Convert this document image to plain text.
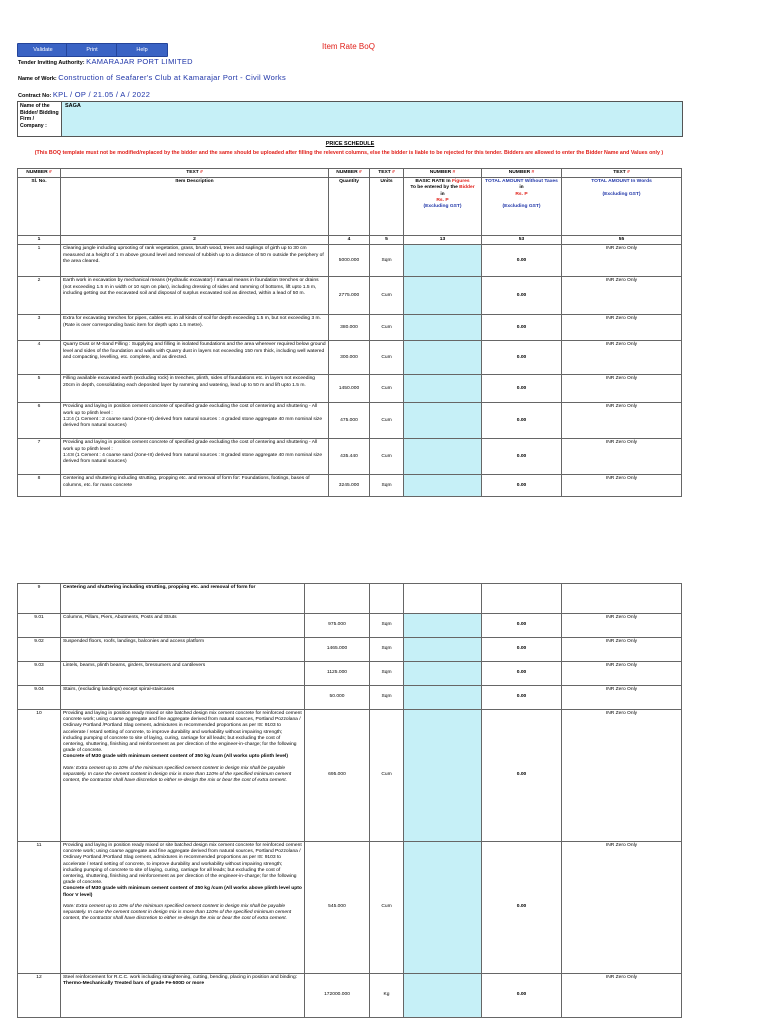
Validate	Print	Help	Item Rate BoQ
Tender Inviting Authority: KAMARAJAR PORT LIMITED
Name of Work: Construction of Seafarer's Club at Kamarajar Port - Civil Works
Contract No: KPL / OP / 21.05 / A / 2022
Name of the Bidder/ Bidding Firm / Company :
SAGA
PRICE SCHEDULE
(This BOQ template must not be modified/replaced by the bidder and the same should be uploaded after filling the relevent columns, else the bidder is liable to be rejected for this tender. Bidders are allowed to enter the Bidder Name and Values only )
NUMBER #	TEXT #	NUMBER #	TEXT #	NUMBER #	NUMBER #	TEXT #
Sl. No.	Item Description	Quantity	Units	BASIC RATE In Figures
To be entered by the Bidder
in
Rs. P
(Excluding GST)	TOTAL AMOUNT Without Taxes
in
Rs. P

(Excluding GST)	TOTAL AMOUNT In Words

(Excluding GST)
1	2	4	5	13	53	55
1	Clearing jungle including uprooting of rank vegetation, grass, brush wood, trees and saplings of girth up to 30 cm measured at a height of 1 m above ground level and removal of rubbish up to a distance of 50 m outside the periphery of the area cleared.	5000.000	Sqm		0.00	INR Zero Only
2	Earth work in excavation by mechanical means (Hydraulic excavator) / manual means in foundation trenches or drains (not exceeding 1.5 m in width or 10 sqm on plan), including dressing of sides and ramming of bottoms, lift upto 1.5 m, including getting out the excavated soil and disposal of surplus excavated soil as directed, within a lead of 50 m.	2775.000	Cum		0.00	INR Zero Only
3	Extra for excavating trenches for pipes, cables etc. in all kinds of soil for depth exceeding 1.5 m, but not exceeding 3 m. (Rate is over corresponding basic item for depth upto 1.5 metre).	380.000	Cum		0.00	INR Zero Only
4	Quarry Dust or M-Sand Filling : Supplying and filling in isolated foundations and the area wherever required below ground level and sides of the foundation and walls with Quarry dust in layers not exceeding 150 mm thick, including well watered and compacting, levelling, etc. complete, and as directed.	300.000	Cum		0.00	INR Zero Only
5	Filling available excavated earth (excluding rock) in trenches, plinth, sides of foundations etc. in layers not exceeding 20cm in depth, consolidating each deposited layer by ramming and watering, lead up to 50 m and lift upto 1.5 m.	1450.000	Cum		0.00	INR Zero Only
6	Providing and laying in position cement concrete of specified grade excluding the cost of centering and shuttering - All work up to plinth level :
1:2:4 (1 Cement : 2 coarse sand (zone-III) derived from natural sources : 4 graded stone aggregate 40 mm nominal size derived from natural sources)	475.000	Cum		0.00	INR Zero Only
7	Providing and laying in position cement concrete of specified grade excluding the cost of centering and shuttering - All work up to plinth level :
1:4:8 (1 Cement : 4 coarse sand (zone-III) derived from natural sources : 8 graded stone aggregate 40 mm nominal size derived from natural sources)	435.440	Cum		0.00	INR Zero Only
8	Centering and shuttering including strutting, propping etc. and removal of form for: Foundations, footings, bases of columns, etc. for mass concrete	3245.000	Sqm		0.00	INR Zero Only
9	Centering and shuttering including strutting, propping etc. and removal of form for					
9.01	Columns, Pillars, Piers, Abutments, Posts and Struts	975.000	Sqm		0.00	INR Zero Only
9.02	Suspended floors, roofs, landings, balconies and access platform	1465.000	Sqm		0.00	INR Zero Only
9.03	Lintels, beams, plinth beams, girders, bressumers and cantilevers	1125.000	Sqm		0.00	INR Zero Only
9.04	Stairs, (excluding landings) except spiral-staircases	50.000	Sqm		0.00	INR Zero Only
10	Providing and laying in position ready mixed or site batched design mix cement concrete for reinforced cement concrete work; using coarse aggregate and fine aggregate derived from natural sources, Portland Pozzolana / Ordinary Portland /Portland Slag cement, admixtures in recommended proportions as per IS: 9103 to accelerate / retard setting of concrete, to improve durability and workability without impairing strength; including pumping of concrete to site of laying, curing, carriage for all leads; but excluding the cost of centering, shuttering, finishing and reinforcement as per direction of the engineer-in-charge; for the following grade of concrete.
Concrete of M30 grade with minimum cement content of 350 kg /cum (All works upto plinth level)
Note: Extra cement up to 10% of the minimum specified cement content in design mix shall be payable separately. In case the cement content in design mix is more than 110% of the specified minimum cement content, the contractor shall have discretion to either re-design the mix or bear the cost of extra cement.	695.000	Cum		0.00	INR Zero Only
11	Providing and laying in position ready mixed or site batched design mix cement concrete for reinforced cement concrete work; using coarse aggregate and fine aggregate derived from natural sources, Portland Pozzolana / Ordinary Portland /Portland Slag cement, admixtures in recommended proportions as per IS: 9103 to accelerate / retard setting of concrete, to improve durability and workability without impairing strength; including pumping of concrete to site of laying, curing, carriage for all leads; but excluding the cost of centering, shuttering, finishing and reinforcement as per direction of the engineer-in-charge; for the following grade of concrete.
Concrete of M30 grade with minimum cement content of 350 kg /cum (All works above plinth level upto floor V level)
Note: Extra cement up to 10% of the minimum specified cement content in design mix shall be payable separately. In case the cement content in design mix is more than 110% of the specified minimum cement content, the contractor shall have discretion to either re-design the mix or bear the cost of extra cement.	545.000	Cum		0.00	INR Zero Only
12	Steel reinforcement for R.C.C. work including straightening, cutting, bending, placing in position and binding:
Thermo-Mechanically Treated bars of grade Fe-500D or more	172000.000	Kg		0.00	INR Zero Only
